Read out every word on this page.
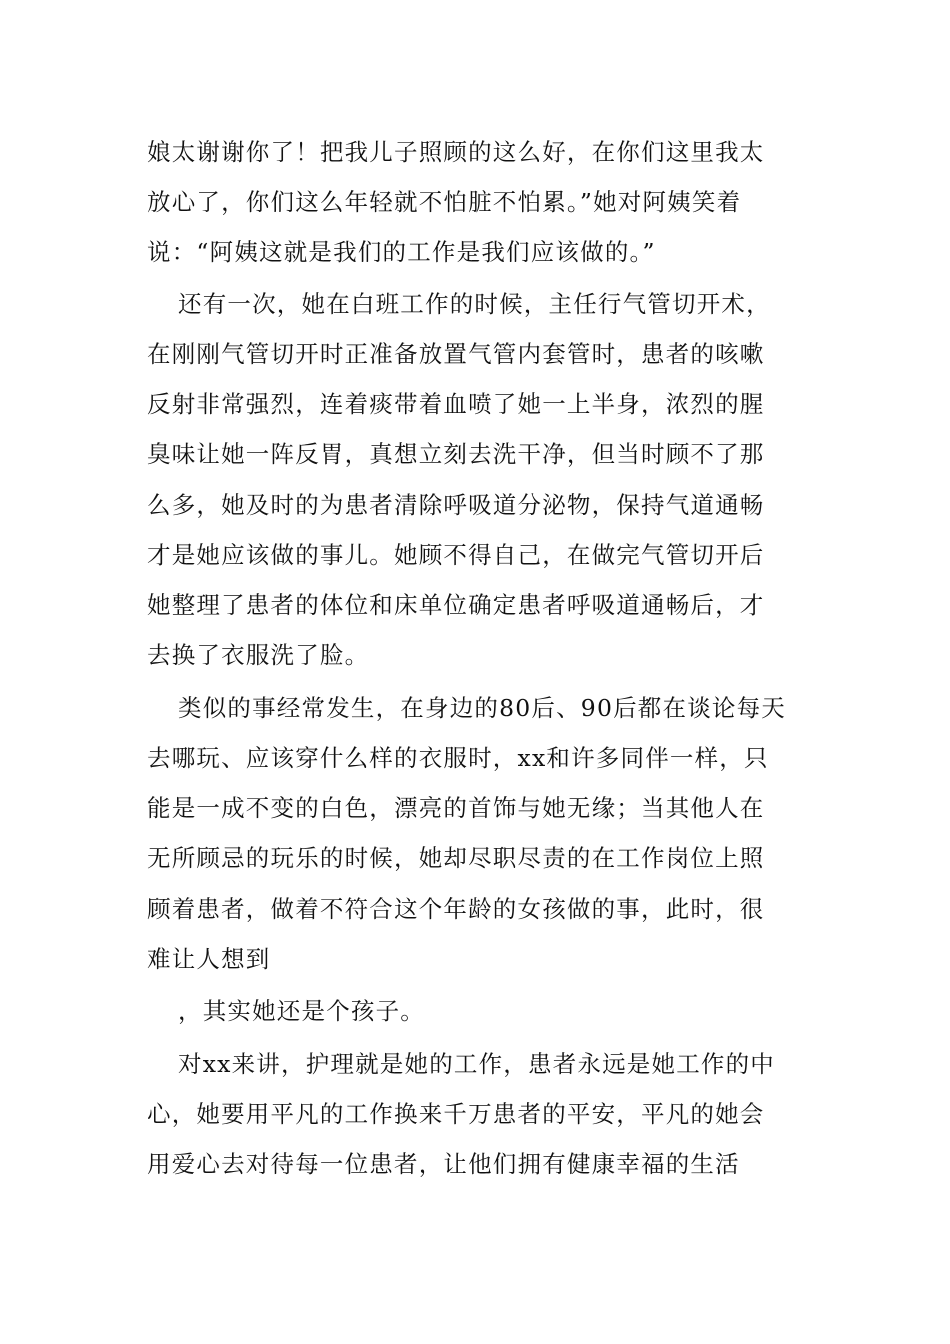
娘太谢谢你了！把我儿子照顾的这么好，在你们这里我太
放心了，你们这么年轻就不怕脏不怕累。”她对阿姨笑着
说：“阿姨这就是我们的工作是我们应该做的。”
还有一次，她在白班工作的时候，主任行气管切开术，
在刚刚气管切开时正准备放置气管内套管时，患者的咳嗽
反射非常强烈，连着痰带着血喷了她一上半身，浓烈的腥
臭味让她一阵反胃，真想立刻去洗干净，但当时顾不了那
么多，她及时的为患者清除呼吸道分泌物，保持气道通畅
才是她应该做的事儿。她顾不得自己，在做完气管切开后
她整理了患者的体位和床单位确定患者呼吸道通畅后，才
去换了衣服洗了脸。
类似的事经常发生，在身边的80后、90后都在谈论每天
去哪玩、应该穿什么样的衣服时，xx和许多同伴一样，只
能是一成不变的白色，漂亮的首饰与她无缘；当其他人在
无所顾忌的玩乐的时候，她却尽职尽责的在工作岗位上照
顾着患者，做着不符合这个年龄的女孩做的事，此时，很
难让人想到
，其实她还是个孩子。
对xx来讲，护理就是她的工作，患者永远是她工作的中
心，她要用平凡的工作换来千万患者的平安，平凡的她会
用爱心去对待每一位患者，让他们拥有健康幸福的生活
